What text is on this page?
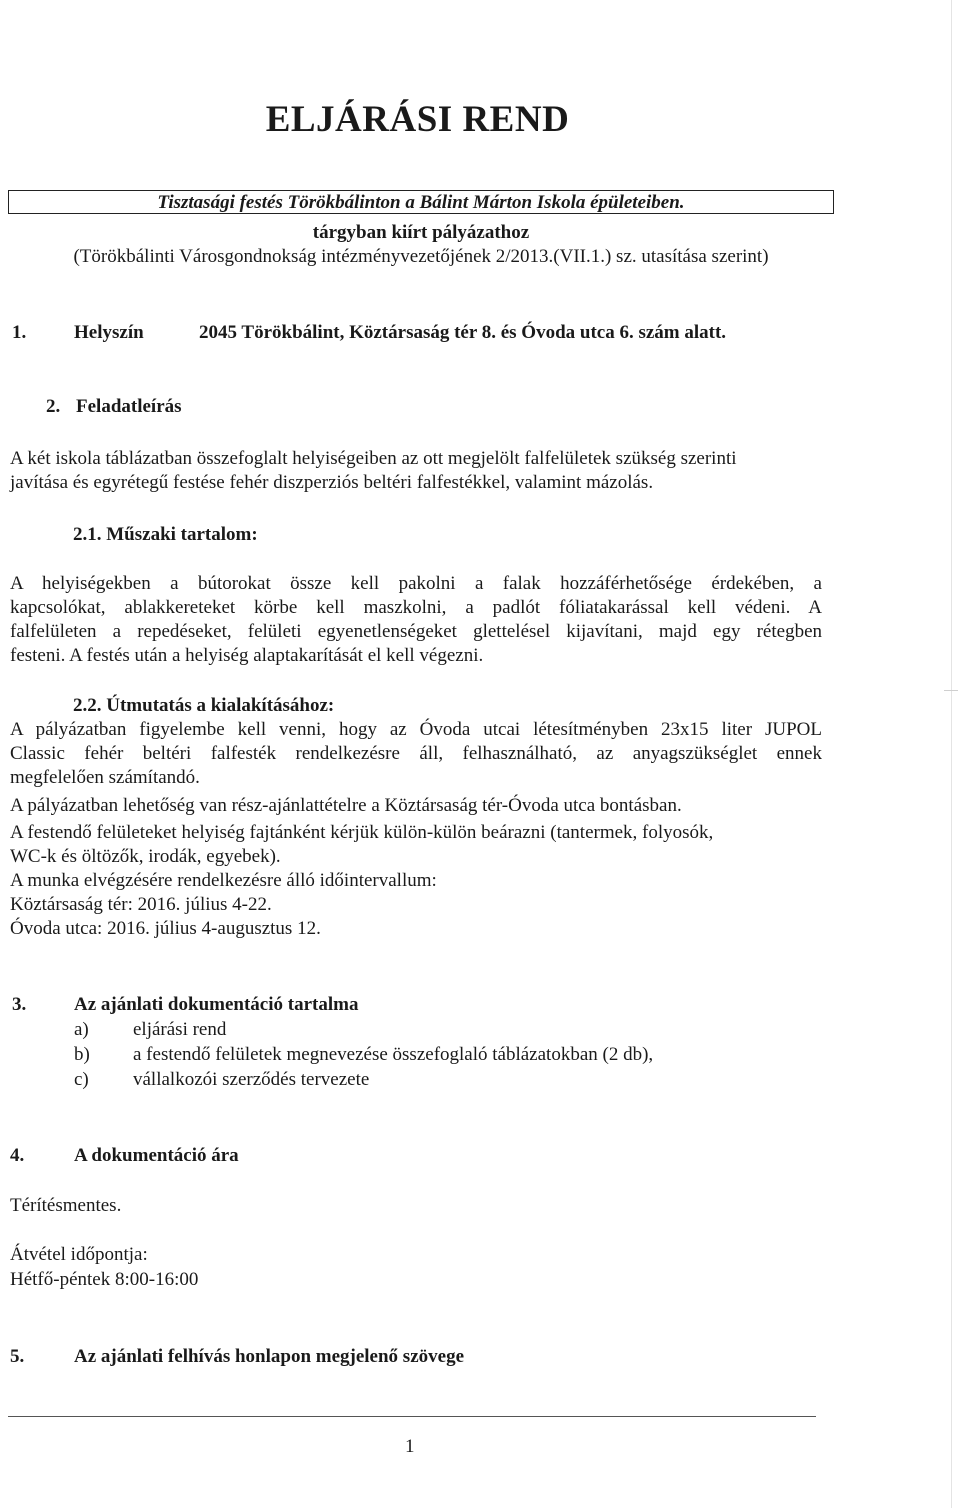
ELJÁRÁSI REND
Tisztasági festés Törökbálinton a Bálint Márton Iskola épületeiben.
tárgyban kiírt pályázathoz
(Törökbálinti Városgondnokság intézményvezetőjének 2/2013.(VII.1.) sz. utasítása szerint)
1.	Helyszín	2045 Törökbálint, Köztársaság tér 8. és Óvoda utca 6. szám alatt.
2. Feladatleírás
A két iskola táblázatban összefoglalt helyiségeiben az ott megjelölt falfelületek szükség szerinti
javítása és egyrétegű festése fehér diszperziós beltéri falfestékkel, valamint mázolás.
2.1. Műszaki tartalom:
A helyiségekben a bútorokat össze kell pakolni a falak hozzáférhetősége érdekében, a
kapcsolókat, ablakkereteket körbe kell maszkolni, a padlót fóliatakarással kell védeni. A
falfelületen a repedéseket, felületi egyenetlenségeket glettelésel kijavítani, majd egy rétegben
festeni. A festés után a helyiség alaptakarítását el kell végezni.
2.2. Útmutatás a kialakításához:
A pályázatban figyelembe kell venni, hogy az Óvoda utcai létesítményben 23x15 liter JUPOL
Classic fehér beltéri falfesték rendelkezésre áll, felhasználható, az anyagszükséglet ennek
megfelelően számítandó.
A pályázatban lehetőség van rész-ajánlattételre a Köztársaság tér-Óvoda utca bontásban.
A festendő felületeket helyiség fajtánként kérjük külön-külön beárazni (tantermek, folyosók,
WC-k és öltözők, irodák, egyebek).
A munka elvégzésére rendelkezésre álló időintervallum:
Köztársaság tér: 2016. július 4-22.
Óvoda utca: 2016. július 4-augusztus 12.
3.	Az ajánlati dokumentáció tartalma
a) eljárási rend
b) a festendő felületek megnevezése összefoglaló táblázatokban (2 db),
c) vállalkozói szerződés tervezete
4.	A dokumentáció ára
Térítésmentes.
Átvétel időpontja:
Hétfő-péntek 8:00-16:00
5.	Az ajánlati felhívás honlapon megjelenő szövege
1
